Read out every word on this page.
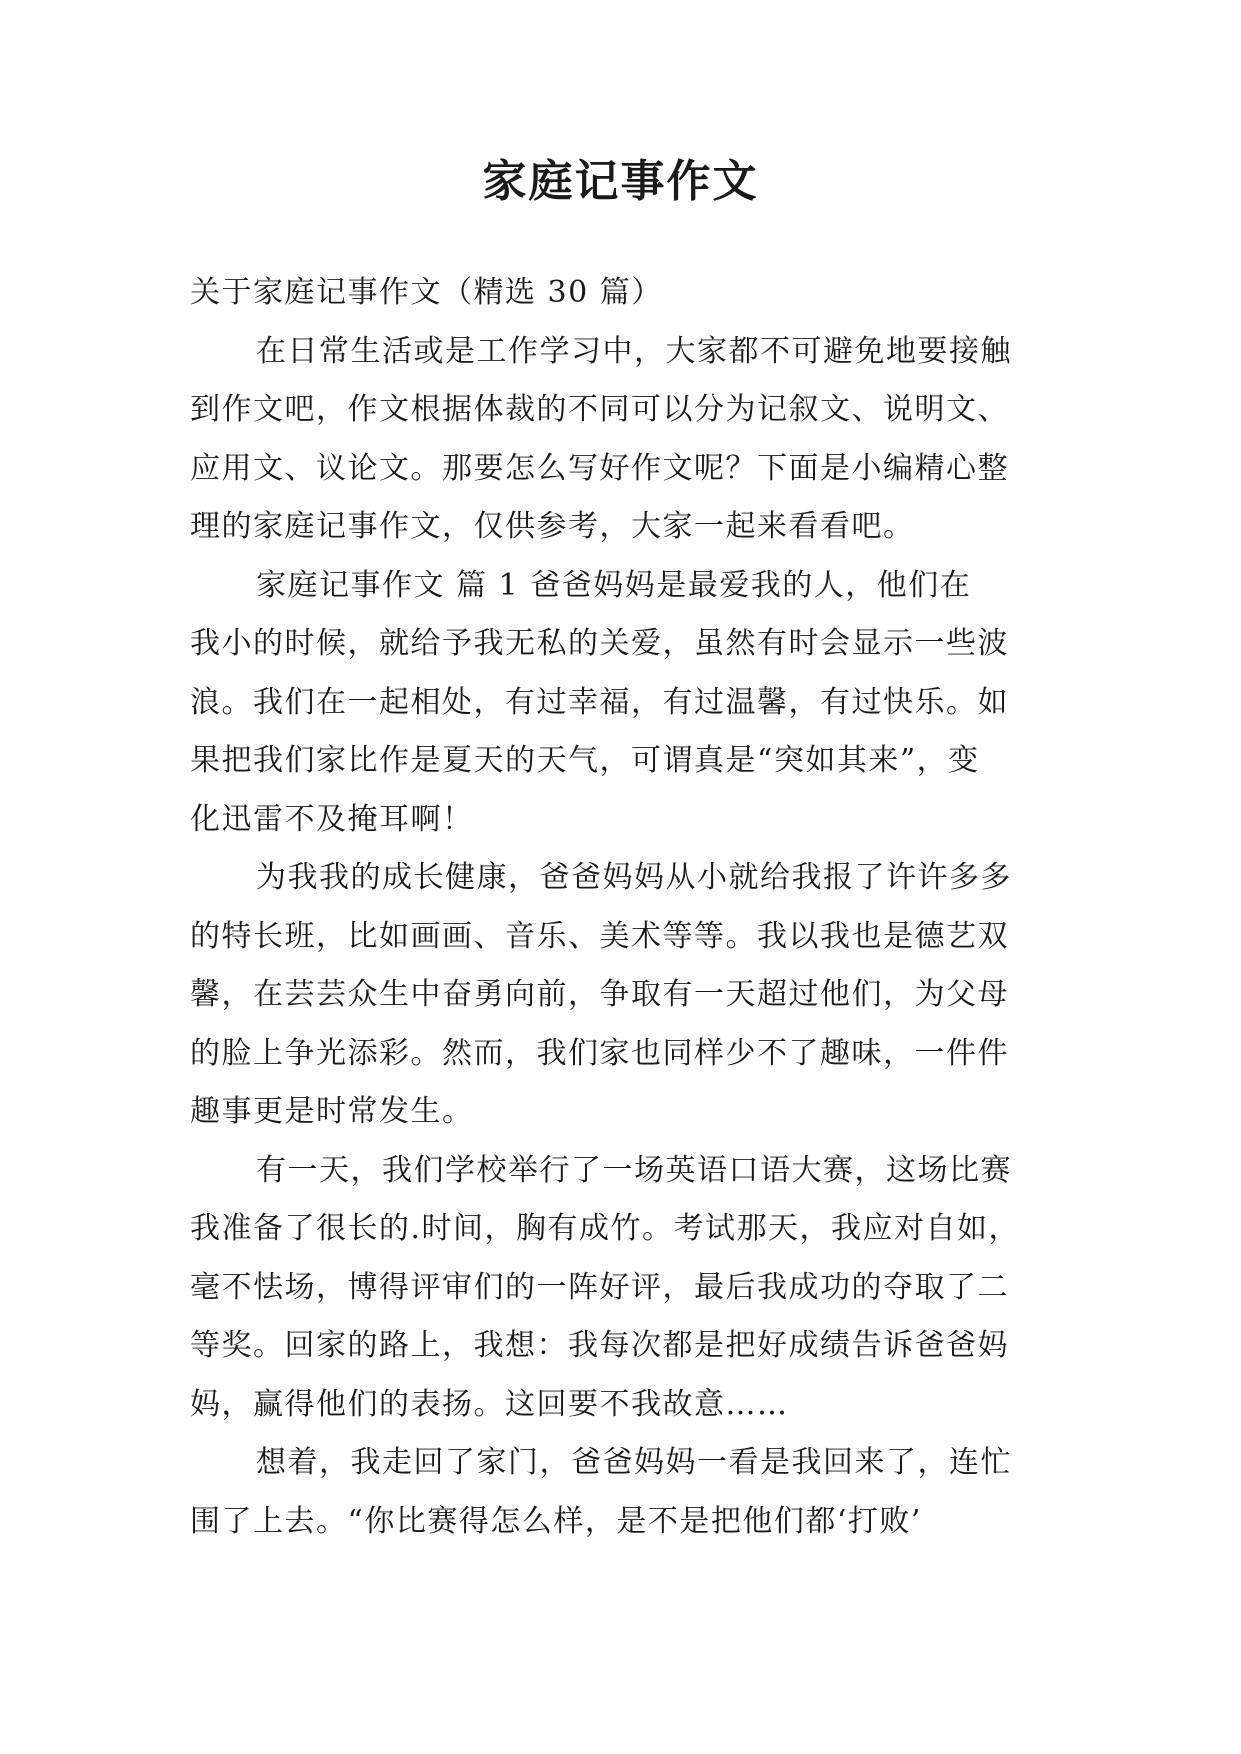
家庭记事作文
关于家庭记事作文（精选 30 篇）
在日常生活或是工作学习中，大家都不可避免地要接触
到作文吧，作文根据体裁的不同可以分为记叙文、说明文、
应用文、议论文。那要怎么写好作文呢？下面是小编精心整
理的家庭记事作文，仅供参考，大家一起来看看吧。
家庭记事作文 篇 1 爸爸妈妈是最爱我的人，他们在
我小的时候，就给予我无私的关爱，虽然有时会显示一些波
浪。我们在一起相处，有过幸福，有过温馨，有过快乐。如
果把我们家比作是夏天的天气，可谓真是“突如其来”，变
化迅雷不及掩耳啊！
为我我的成长健康，爸爸妈妈从小就给我报了许许多多
的特长班，比如画画、音乐、美术等等。我以我也是德艺双
馨，在芸芸众生中奋勇向前，争取有一天超过他们，为父母
的脸上争光添彩。然而，我们家也同样少不了趣味，一件件
趣事更是时常发生。
有一天，我们学校举行了一场英语口语大赛，这场比赛
我准备了很长的.时间，胸有成竹。考试那天，我应对自如，
毫不怯场，博得评审们的一阵好评，最后我成功的夺取了二
等奖。回家的路上，我想：我每次都是把好成绩告诉爸爸妈
妈，赢得他们的表扬。这回要不我故意……
想着，我走回了家门，爸爸妈妈一看是我回来了，连忙
围了上去。“你比赛得怎么样，是不是把他们都‘打败’
